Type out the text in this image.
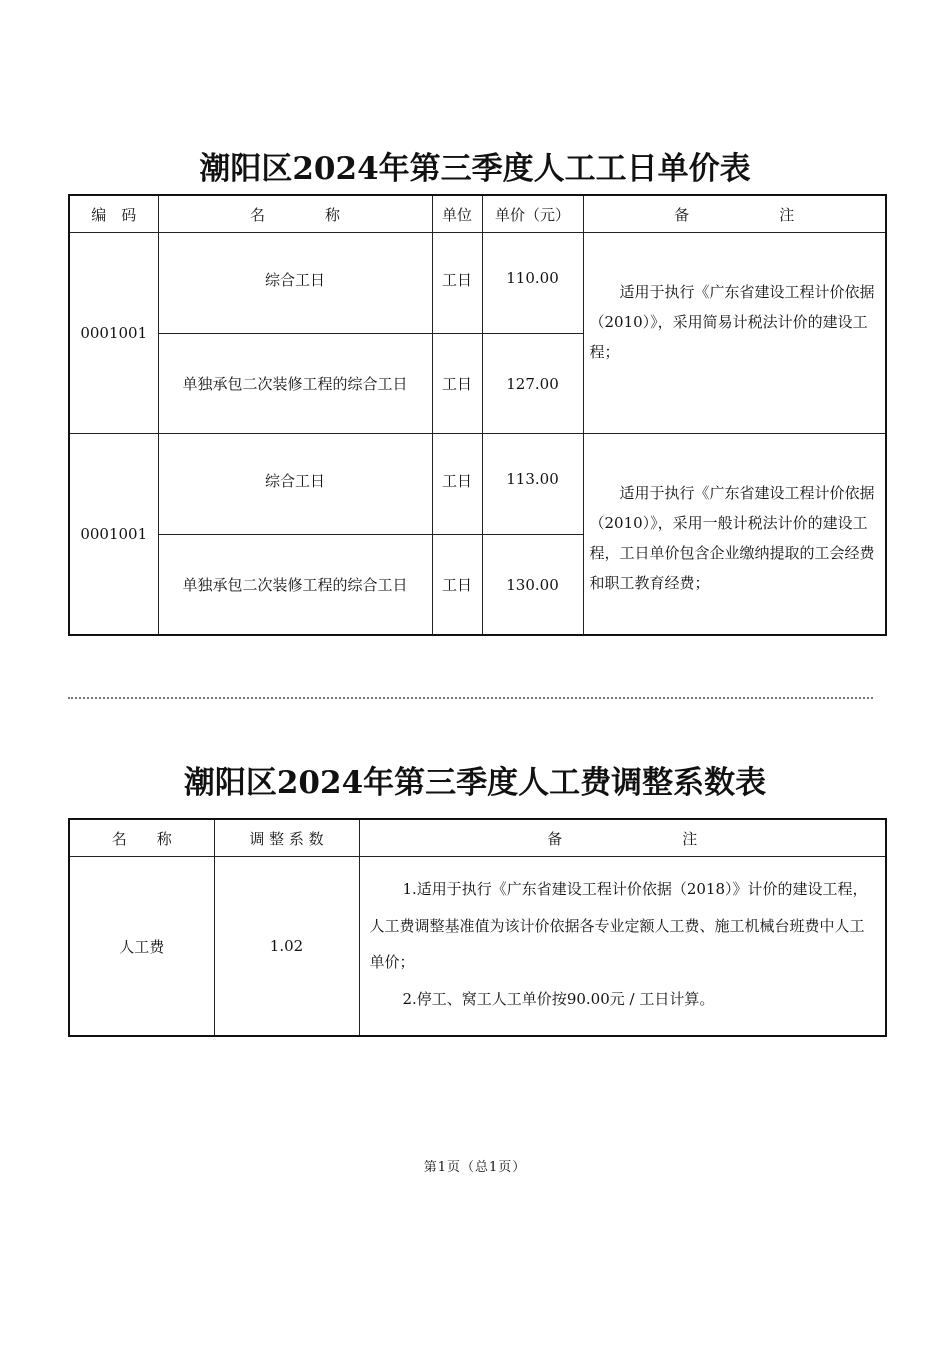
潮阳区2024年第三季度人工工日单价表
编　码	名　　　　称	单位	单价（元）	备　　　　　　注
0001001	综合工日	工日	110.00	适用于执行《广东省建设工程计价依据（2010）》，采用简易计税法计价的建设工程；

	单独承包二次装修工程的综合工日	工日	127.00	
0001001	综合工日	工日	113.00	适用于执行《广东省建设工程计价依据（2010）》，采用一般计税法计价的建设工程，工日单价包含企业缴纳提取的工会经费和职工教育经费；

	单独承包二次装修工程的综合工日	工日	130.00	
潮阳区2024年第三季度人工费调整系数表
名　　称	调 整 系 数	备　　　　　　　　注
人工费	1.02	1.适用于执行《广东省建设工程计价依据（2018）》计价的建设工程，人工费调整基准值为该计价依据各专业定额人工费、施工机械台班费中人工单价；
2.停工、窝工人工单价按90.00元 / 工日计算。
第1页（总1页）
